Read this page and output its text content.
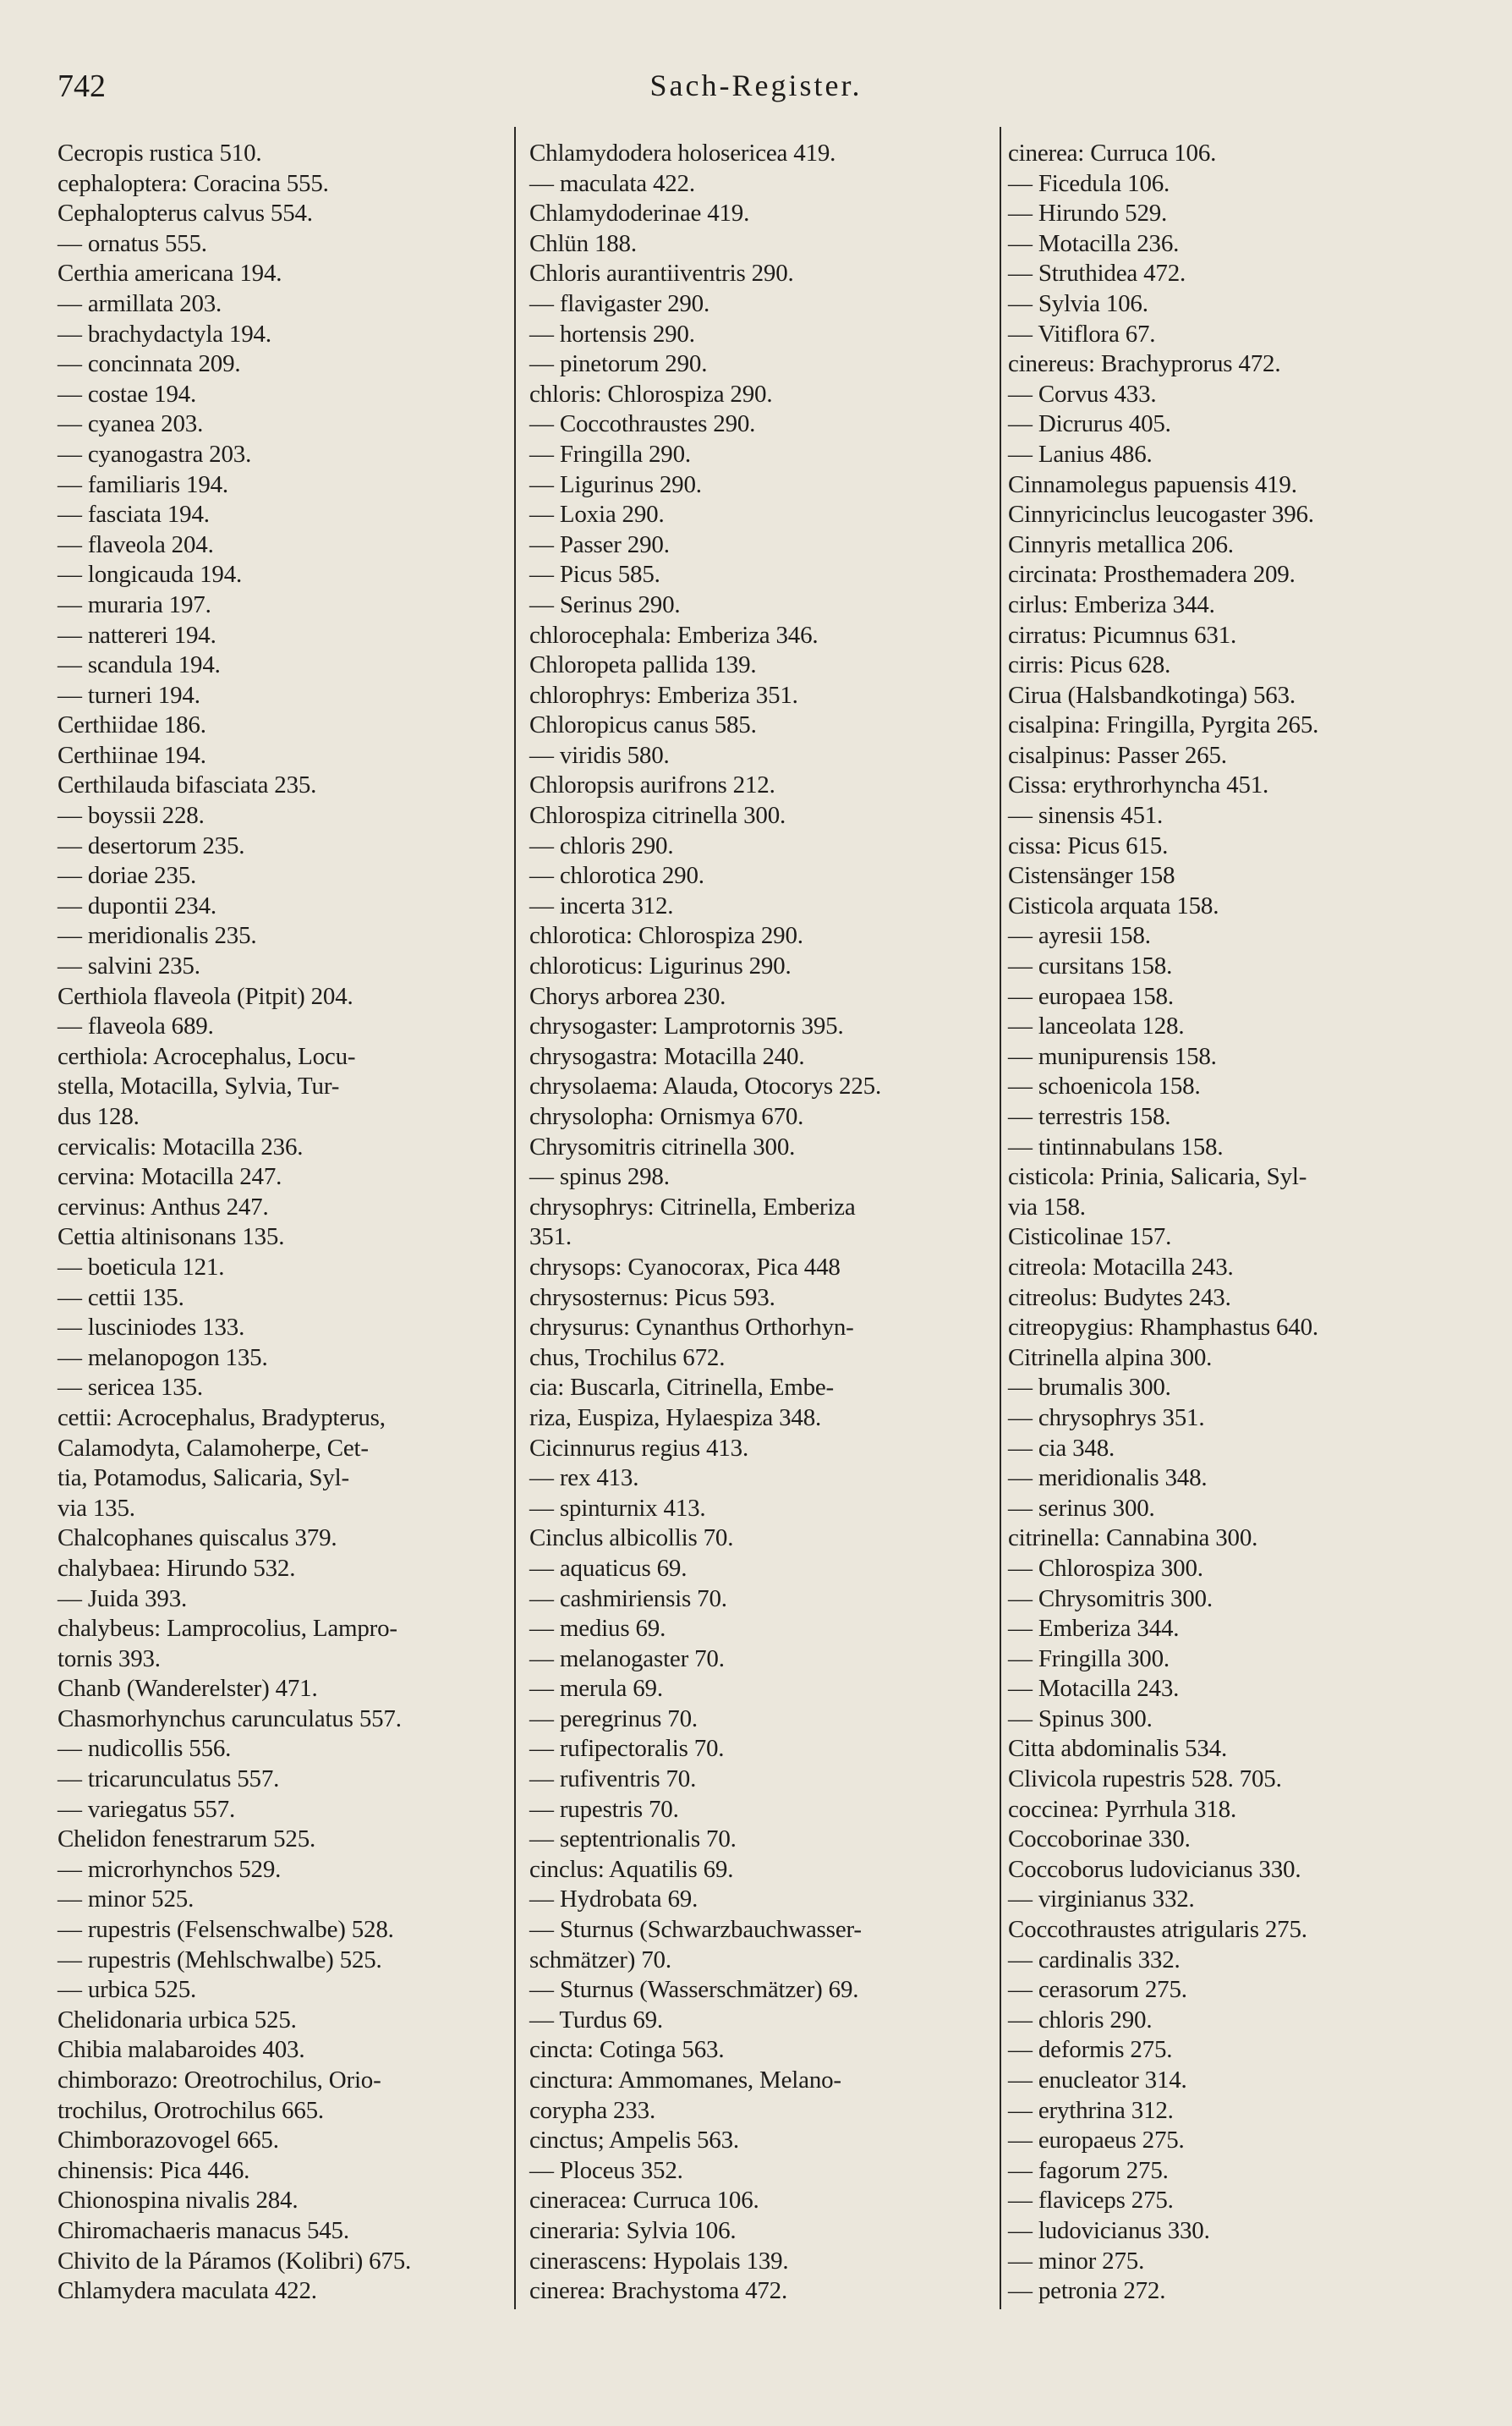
742	Sach-Register.
Cecropis rustica 510.
cephaloptera: Coracina 555.
Cephalopterus calvus 554.
— ornatus 555.
Certhia americana 194.
— armillata 203.
— brachydactyla 194.
— concinnata 209.
— costae 194.
— cyanea 203.
— cyanogastra 203.
— familiaris 194.
— fasciata 194.
— flaveola 204.
— longicauda 194.
— muraria 197.
— nattereri 194.
— scandula 194.
— turneri 194.
Certhiidae 186.
Certhiinae 194.
Certhilauda bifasciata 235.
— boyssii 228.
— desertorum 235.
— doriae 235.
— dupontii 234.
— meridionalis 235.
— salvini 235.
Certhiola flaveola (Pitpit) 204.
— flaveola 689.
certhiola: Acrocephalus, Locu-
stella, Motacilla, Sylvia, Tur-
dus 128.
cervicalis: Motacilla 236.
cervina: Motacilla 247.
cervinus: Anthus 247.
Cettia altinisonans 135.
— boeticula 121.
— cettii 135.
— lusciniodes 133.
— melanopogon 135.
— sericea 135.
cettii: Acrocephalus, Bradypterus,
Calamodyta, Calamoherpe, Cet-
tia, Potamodus, Salicaria, Syl-
via 135.
Chalcophanes quiscalus 379.
chalybaea: Hirundo 532.
— Juida 393.
chalybeus: Lamprocolius, Lampro-
tornis 393.
Chanb (Wanderelster) 471.
Chasmorhynchus carunculatus 557.
— nudicollis 556.
— tricarunculatus 557.
— variegatus 557.
Chelidon fenestrarum 525.
— microrhynchos 529.
— minor 525.
— rupestris (Felsenschwalbe) 528.
— rupestris (Mehlschwalbe) 525.
— urbica 525.
Chelidonaria urbica 525.
Chibia malabaroides 403.
chimborazo: Oreotrochilus, Orio-
trochilus, Orotrochilus 665.
Chimborazovogel 665.
chinensis: Pica 446.
Chionospina nivalis 284.
Chiromachaeris manacus 545.
Chivito de la Páramos (Kolibri) 675.
Chlamydera maculata 422.
Chlamydodera holosericea 419.
— maculata 422.
Chlamydoderinae 419.
Chlün 188.
Chloris aurantiiventris 290.
— flavigaster 290.
— hortensis 290.
— pinetorum 290.
chloris: Chlorospiza 290.
— Coccothraustes 290.
— Fringilla 290.
— Ligurinus 290.
— Loxia 290.
— Passer 290.
— Picus 585.
— Serinus 290.
chlorocephala: Emberiza 346.
Chloropeta pallida 139.
chlorophrys: Emberiza 351.
Chloropicus canus 585.
— viridis 580.
Chloropsis aurifrons 212.
Chlorospiza citrinella 300.
— chloris 290.
— chlorotica 290.
— incerta 312.
chlorotica: Chlorospiza 290.
chloroticus: Ligurinus 290.
Chorys arborea 230.
chrysogaster: Lamprotornis 395.
chrysogastra: Motacilla 240.
chrysolaema: Alauda, Otocorys 225.
chrysolopha: Ornismya 670.
Chrysomitris citrinella 300.
— spinus 298.
chrysophrys: Citrinella, Emberiza
351.
chrysops: Cyanocorax, Pica 448
chrysosternus: Picus 593.
chrysurus: Cynanthus Orthorhyn-
chus, Trochilus 672.
cia: Buscarla, Citrinella, Embe-
riza, Euspiza, Hylaespiza 348.
Cicinnurus regius 413.
— rex 413.
— spinturnix 413.
Cinclus albicollis 70.
— aquaticus 69.
— cashmiriensis 70.
— medius 69.
— melanogaster 70.
— merula 69.
— peregrinus 70.
— rufipectoralis 70.
— rufiventris 70.
— rupestris 70.
— septentrionalis 70.
cinclus: Aquatilis 69.
— Hydrobata 69.
— Sturnus (Schwarzbauchwasser-
schmätzer) 70.
— Sturnus (Wasserschmätzer) 69.
— Turdus 69.
cincta: Cotinga 563.
cinctura: Ammomanes, Melano-
corypha 233.
cinctus; Ampelis 563.
— Ploceus 352.
cineracea: Curruca 106.
cineraria: Sylvia 106.
cinerascens: Hypolais 139.
cinerea: Brachystoma 472.
cinerea: Curruca 106.
— Ficedula 106.
— Hirundo 529.
— Motacilla 236.
— Struthidea 472.
— Sylvia 106.
— Vitiflora 67.
cinereus: Brachyprorus 472.
— Corvus 433.
— Dicrurus 405.
— Lanius 486.
Cinnamolegus papuensis 419.
Cinnyricinclus leucogaster 396.
Cinnyris metallica 206.
circinata: Prosthemadera 209.
cirlus: Emberiza 344.
cirratus: Picumnus 631.
cirris: Picus 628.
Cirua (Halsbandkotinga) 563.
cisalpina: Fringilla, Pyrgita 265.
cisalpinus: Passer 265.
Cissa: erythrorhyncha 451.
— sinensis 451.
cissa: Picus 615.
Cistensänger 158
Cisticola arquata 158.
— ayresii 158.
— cursitans 158.
— europaea 158.
— lanceolata 128.
— munipurensis 158.
— schoenicola 158.
— terrestris 158.
— tintinnabulans 158.
cisticola: Prinia, Salicaria, Syl-
via 158.
Cisticolinae 157.
citreola: Motacilla 243.
citreolus: Budytes 243.
citreopygius: Rhamphastus 640.
Citrinella alpina 300.
— brumalis 300.
— chrysophrys 351.
— cia 348.
— meridionalis 348.
— serinus 300.
citrinella: Cannabina 300.
— Chlorospiza 300.
— Chrysomitris 300.
— Emberiza 344.
— Fringilla 300.
— Motacilla 243.
— Spinus 300.
Citta abdominalis 534.
Clivicola rupestris 528. 705.
coccinea: Pyrrhula 318.
Coccoborinae 330.
Coccoborus ludovicianus 330.
— virginianus 332.
Coccothraustes atrigularis 275.
— cardinalis 332.
— cerasorum 275.
— chloris 290.
— deformis 275.
— enucleator 314.
— erythrina 312.
— europaeus 275.
— fagorum 275.
— flaviceps 275.
— ludovicianus 330.
— minor 275.
— petronia 272.
